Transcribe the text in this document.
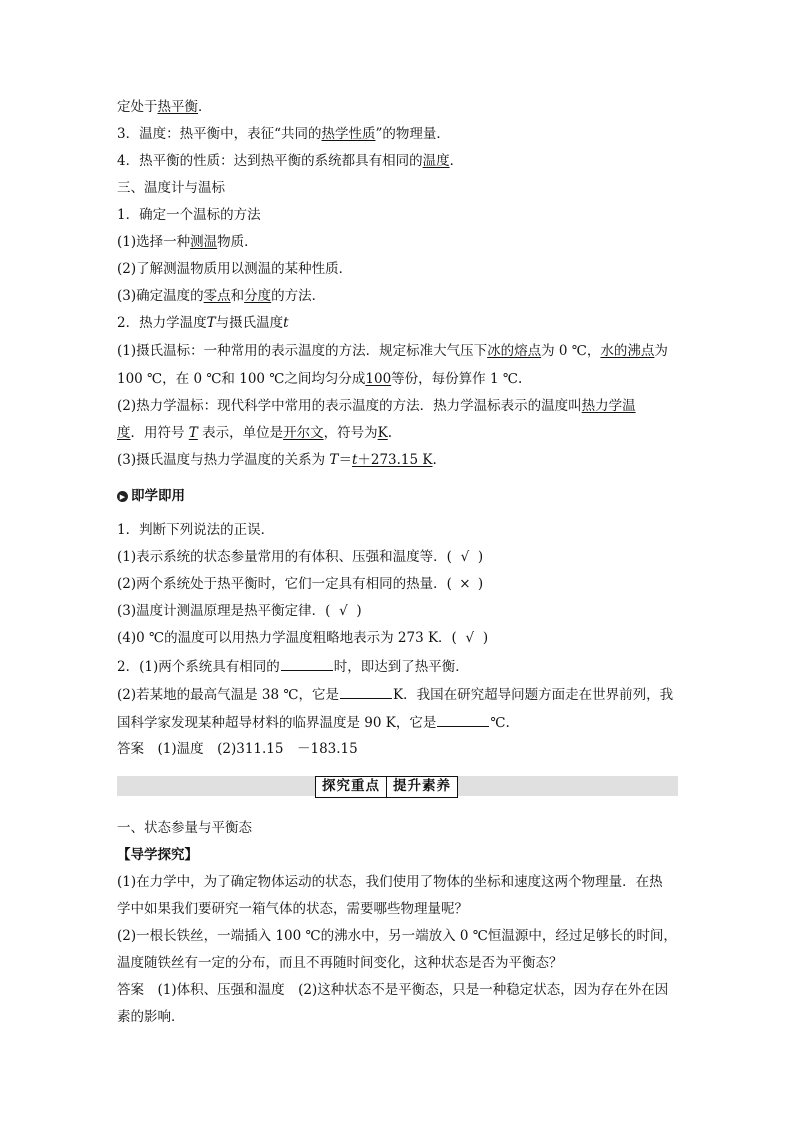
定处于热平衡．
3．温度：热平衡中，表征“共同的热学性质”的物理量．
4．热平衡的性质：达到热平衡的系统都具有相同的温度．
三、温度计与温标
1．确定一个温标的方法
(1)选择一种测温物质．
(2)了解测温物质用以测温的某种性质．
(3)确定温度的零点和分度的方法．
2．热力学温度T与摄氏温度t
(1)摄氏温标：一种常用的表示温度的方法．规定标准大气压下冰的熔点为 0 ℃，水的沸点为
100 ℃，在 0 ℃和 100 ℃之间均匀分成100等份，每份算作 1 ℃.
(2)热力学温标：现代科学中常用的表示温度的方法．热力学温标表示的温度叫热力学温
度．用符号 T 表示，单位是开尔文，符号为K.
(3)摄氏温度与热力学温度的关系为 T＝t＋273.15 K.
▶ 即学即用
1．判断下列说法的正误．
(1)表示系统的状态参量常用的有体积、压强和温度等．( √ )
(2)两个系统处于热平衡时，它们一定具有相同的热量．( × )
(3)温度计测温原理是热平衡定律．( √ )
(4)0 ℃的温度可以用热力学温度粗略地表示为 273 K．( √ )
2．(1)两个系统具有相同的	时，即达到了热平衡．
(2)若某地的最高气温是 38 ℃，它是	K．我国在研究超导问题方面走在世界前列，我
国科学家发现某种超导材料的临界温度是 90 K，它是	℃.
答案　(1)温度　(2)311.15　－183.15
探究重点 提升素养
一、状态参量与平衡态
【导学探究】
(1)在力学中，为了确定物体运动的状态，我们使用了物体的坐标和速度这两个物理量．在热
学中如果我们要研究一箱气体的状态，需要哪些物理量呢？
(2)一根长铁丝，一端插入 100 ℃的沸水中，另一端放入 0 ℃恒温源中，经过足够长的时间，
温度随铁丝有一定的分布，而且不再随时间变化，这种状态是否为平衡态？
答案　(1)体积、压强和温度　(2)这种状态不是平衡态，只是一种稳定状态，因为存在外在因
素的影响．
